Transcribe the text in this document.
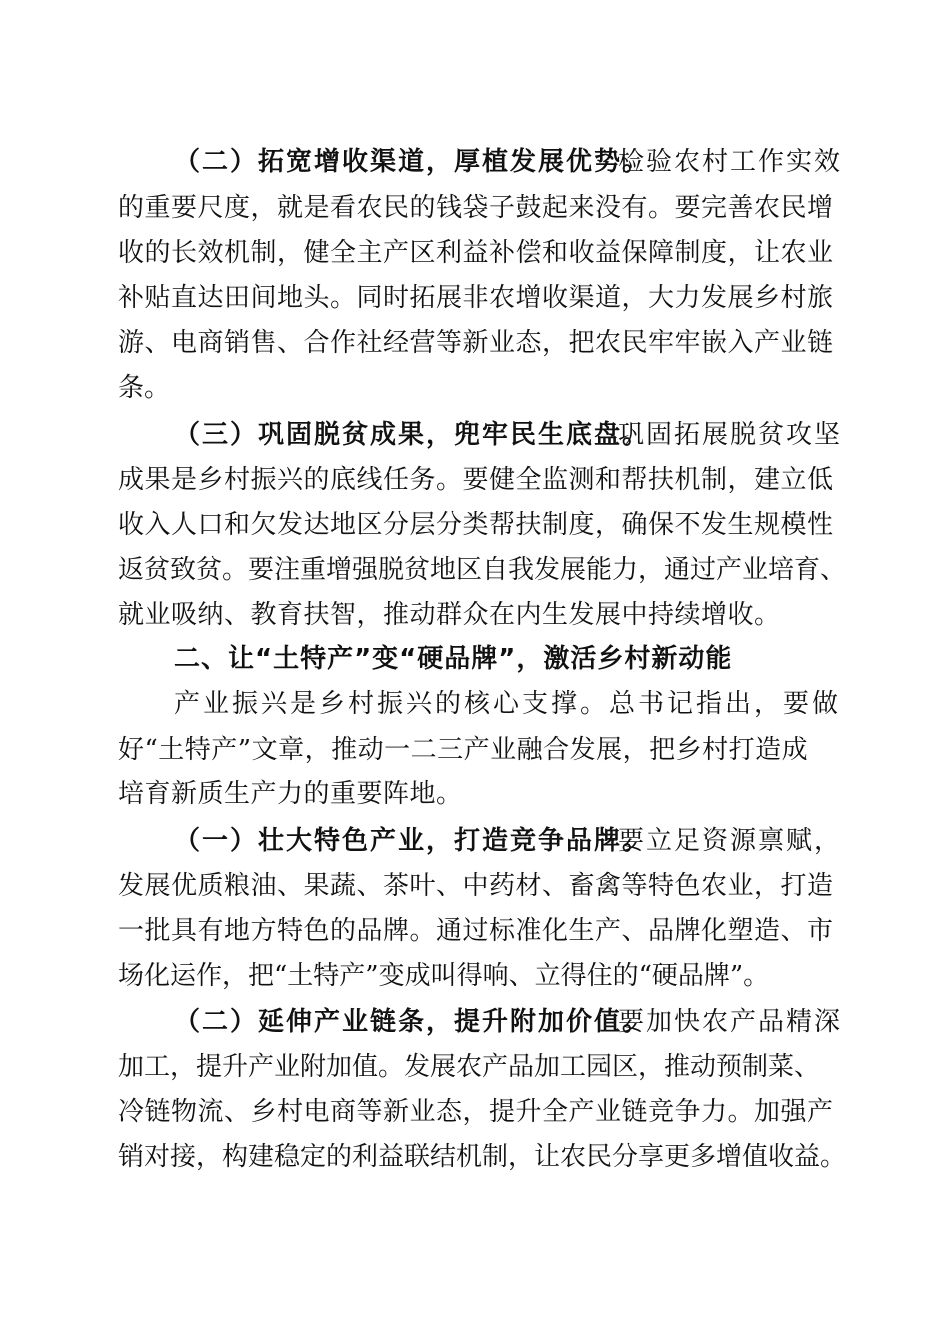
（二）拓宽增收渠道，厚植发展优势。
检验农村工作实效
的重要尺度，就是看农民的钱袋子鼓起来没有。要完善农民增
收的长效机制，健全主产区利益补偿和收益保障制度，让农业
补贴直达田间地头。同时拓展非农增收渠道，大力发展乡村旅
游、电商销售、合作社经营等新业态，把农民牢牢嵌入产业链
条。
（三）巩固脱贫成果，兜牢民生底盘。
巩固拓展脱贫攻坚
成果是乡村振兴的底线任务。要健全监测和帮扶机制，建立低
收入人口和欠发达地区分层分类帮扶制度，确保不发生规模性
返贫致贫。要注重增强脱贫地区自我发展能力，通过产业培育、
就业吸纳、教育扶智，推动群众在内生发展中持续增收。
二、让“土特产”变“硬品牌”，激活乡村新动能
产业振兴是乡村振兴的核心支撑。总书记指出，要做
好“土特产”文章，推动一二三产业融合发展，把乡村打造成
培育新质生产力的重要阵地。
（一）壮大特色产业，打造竞争品牌。
要立足资源禀赋，
发展优质粮油、果蔬、茶叶、中药材、畜禽等特色农业，打造
一批具有地方特色的品牌。通过标准化生产、品牌化塑造、市
场化运作，把“土特产”变成叫得响、立得住的“硬品牌”。
（二）延伸产业链条，提升附加价值。
要加快农产品精深
加工，提升产业附加值。发展农产品加工园区，推动预制菜、
冷链物流、乡村电商等新业态，提升全产业链竞争力。加强产
销对接，构建稳定的利益联结机制，让农民分享更多增值收益。
